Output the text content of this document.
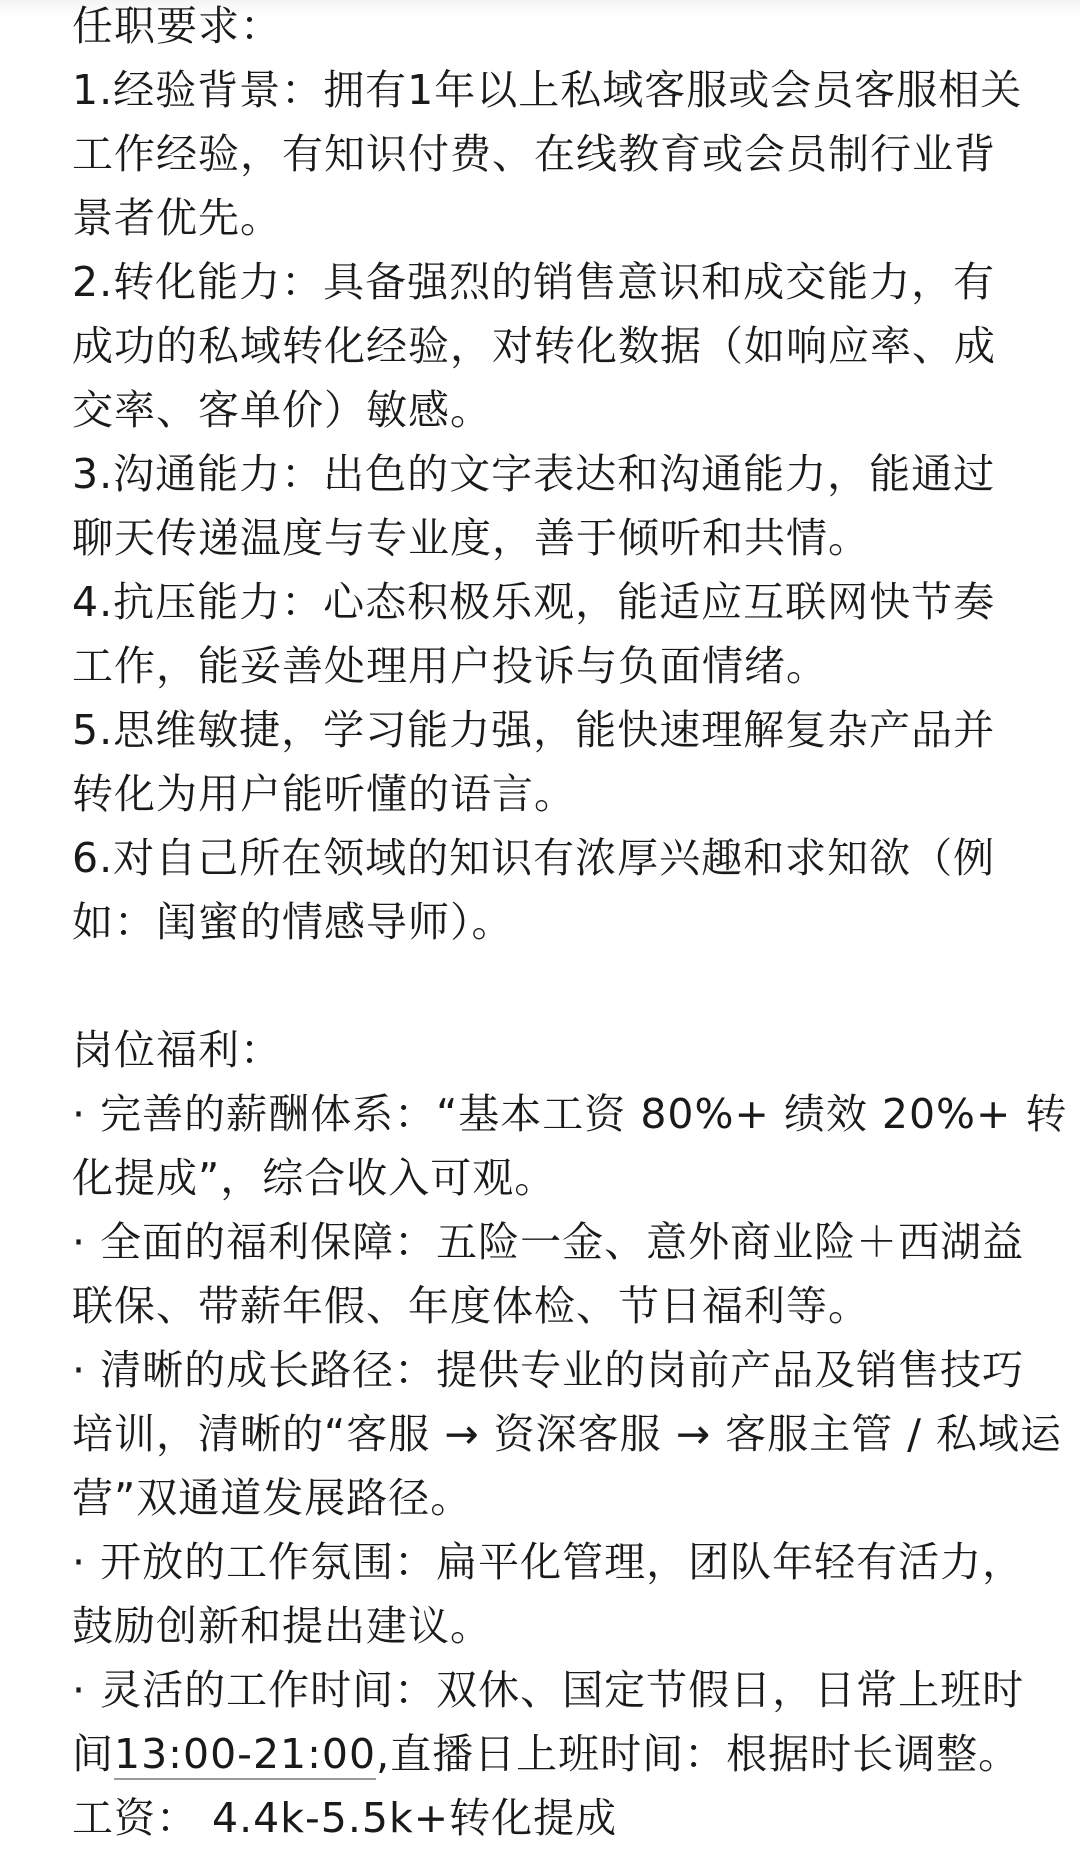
任职要求：
1.经验背景：拥有1年以上私域客服或会员客服相关
工作经验，有知识付费、在线教育或会员制行业背
景者优先。
2.转化能力：具备强烈的销售意识和成交能力，有
成功的私域转化经验，对转化数据（如响应率、成
交率、客单价）敏感。
3.沟通能力：出色的文字表达和沟通能力，能通过
聊天传递温度与专业度，善于倾听和共情。
4.抗压能力：心态积极乐观，能适应互联网快节奏
工作，能妥善处理用户投诉与负面情绪。
5.思维敏捷，学习能力强，能快速理解复杂产品并
转化为用户能听懂的语言。
6.对自己所在领域的知识有浓厚兴趣和求知欲（例
如：闺蜜的情感导师）。
岗位福利：
· 完善的薪酬体系：“基本工资 80%+ 绩效 20%+ 转
化提成”，综合收入可观。
· 全面的福利保障：五险一金、意外商业险＋西湖益
联保、带薪年假、年度体检、节日福利等。
· 清晰的成长路径：提供专业的岗前产品及销售技巧
培训，清晰的“客服 → 资深客服 → 客服主管 / 私域运
营”双通道发展路径。
· 开放的工作氛围：扁平化管理，团队年轻有活力，
鼓励创新和提出建议。
· 灵活的工作时间：双休、国定节假日，日常上班时
间13:00-21:00,直播日上班时间：根据时长调整。
工资： 4.4k-5.5k+转化提成
